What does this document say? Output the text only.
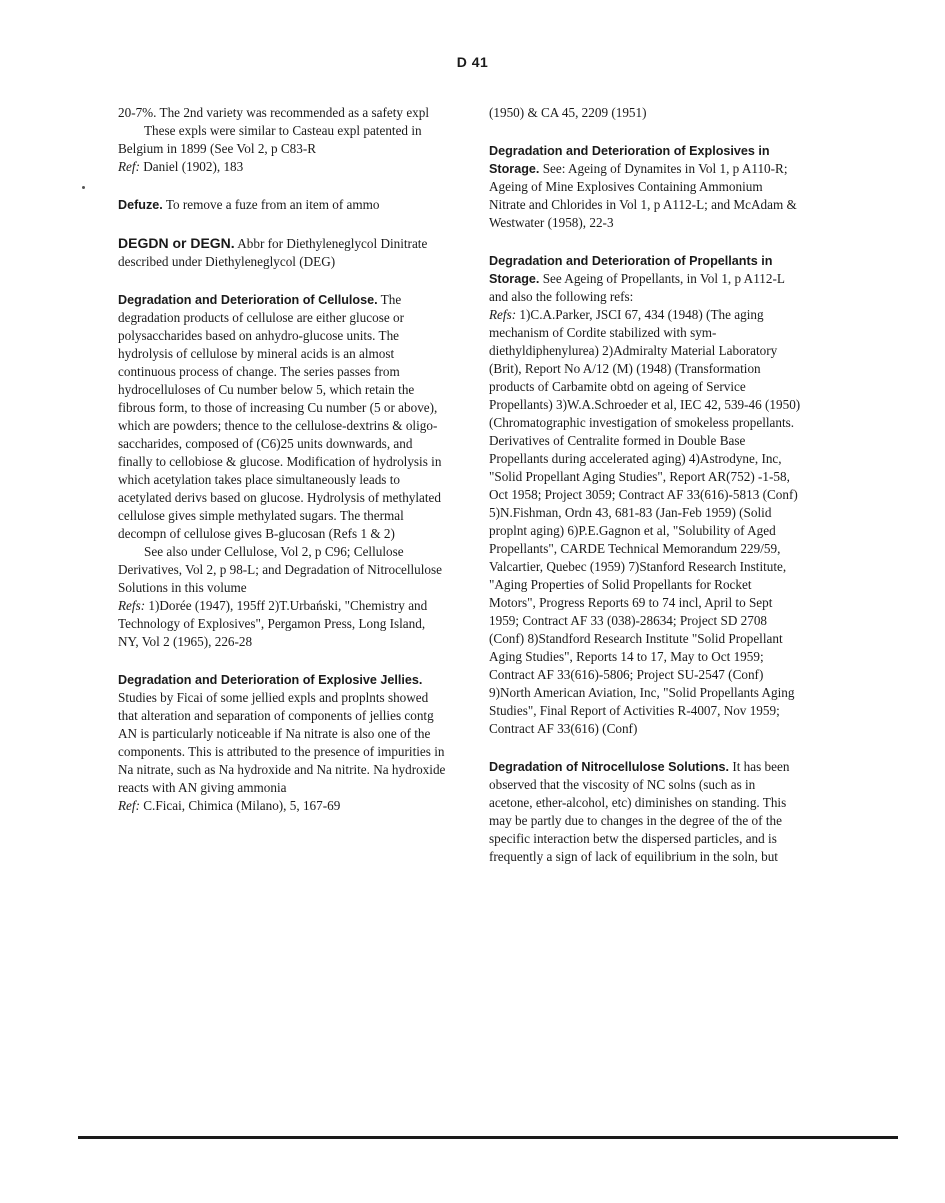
D 41

20-7%. The 2nd variety was recommended as a safety expl

These expls were similar to Casteau expl patented in Belgium in 1899 (See Vol 2, p C83-R

Ref: Daniel (1902), 183

Defuze. To remove a fuze from an item of ammo

DEGDN or DEGN. Abbr for Diethyleneglycol Dinitrate described under Diethyleneglycol (DEG)

Degradation and Deterioration of Cellulose. The degradation products of cellulose are either glucose or polysaccharides based on anhydro-glucose units. The hydrolysis of cellulose by mineral acids is an almost continuous process of change. The series passes from hydrocelluloses of Cu number below 5, which retain the fibrous form, to those of increasing Cu number (5 or above), which are powders; thence to the cellulose-dextrins & oligo-saccharides, composed of (C6)25 units downwards, and finally to cellobiose & glucose. Modification of hydrolysis in which acetylation takes place simultaneously leads to acetylated derivs based on glucose. Hydrolysis of methylated cellulose gives simple methylated sugars. The thermal decompn of cellulose gives B-glucosan (Refs 1 & 2)

See also under Cellulose, Vol 2, p C96; Cellulose Derivatives, Vol 2, p 98-L; and Degradation of Nitrocellulose Solutions in this volume

Refs: 1)Dorée (1947), 195ff 2)T.Urbański, "Chemistry and Technology of Explosives", Pergamon Press, Long Island, NY, Vol 2 (1965), 226-28

Degradation and Deterioration of Explosive Jellies. Studies by Ficai of some jellied expls and proplnts showed that alteration and separation of components of jellies contg AN is particularly noticeable if Na nitrate is also one of the components. This is attributed to the presence of impurities in Na nitrate, such as Na hydroxide and Na nitrite. Na hydroxide reacts with AN giving ammonia

Ref: C.Ficai, Chimica (Milano), 5, 167-69

(1950) & CA 45, 2209 (1951)

Degradation and Deterioration of Explosives in Storage. See: Ageing of Dynamites in Vol 1, p A110-R; Ageing of Mine Explosives Containing Ammonium Nitrate and Chlorides in Vol 1, p A112-L; and McAdam & Westwater (1958), 22-3

Degradation and Deterioration of Propellants in Storage. See Ageing of Propellants, in Vol 1, p A112-L and also the following refs:

Refs: 1)C.A.Parker, JSCI 67, 434 (1948) (The aging mechanism of Cordite stabilized with sym-diethyldiphenylurea) 2)Admiralty Material Laboratory (Brit), Report No A/12 (M) (1948) (Transformation products of Carbamite obtd on ageing of Service Propellants) 3)W.A.Schroeder et al, IEC 42, 539-46 (1950) (Chromatographic investigation of smokeless propellants. Derivatives of Centralite formed in Double Base Propellants during accelerated aging) 4)Astrodyne, Inc, "Solid Propellant Aging Studies", Report AR(752) -1-58, Oct 1958; Project 3059; Contract AF 33(616)-5813 (Conf) 5)N.Fishman, Ordn 43, 681-83 (Jan-Feb 1959) (Solid proplnt aging) 6)P.E.Gagnon et al, "Solubility of Aged Propellants", CARDE Technical Memorandum 229/59, Valcartier, Quebec (1959) 7)Stanford Research Institute, "Aging Properties of Solid Propellants for Rocket Motors", Progress Reports 69 to 74 incl, April to Sept 1959; Contract AF 33 (038)-28634; Project SD 2708 (Conf) 8)Standford Research Institute "Solid Propellant Aging Studies", Reports 14 to 17, May to Oct 1959; Contract AF 33(616)-5806; Project SU-2547 (Conf) 9)North American Aviation, Inc, "Solid Propellants Aging Studies", Final Report of Activities R-4007, Nov 1959; Contract AF 33(616) (Conf)

Degradation of Nitrocellulose Solutions. It has been observed that the viscosity of NC solns (such as in acetone, ether-alcohol, etc) diminishes on standing. This may be partly due to changes in the degree of the of the specific interaction betw the dispersed particles, and is frequently a sign of lack of equilibrium in the soln, but
